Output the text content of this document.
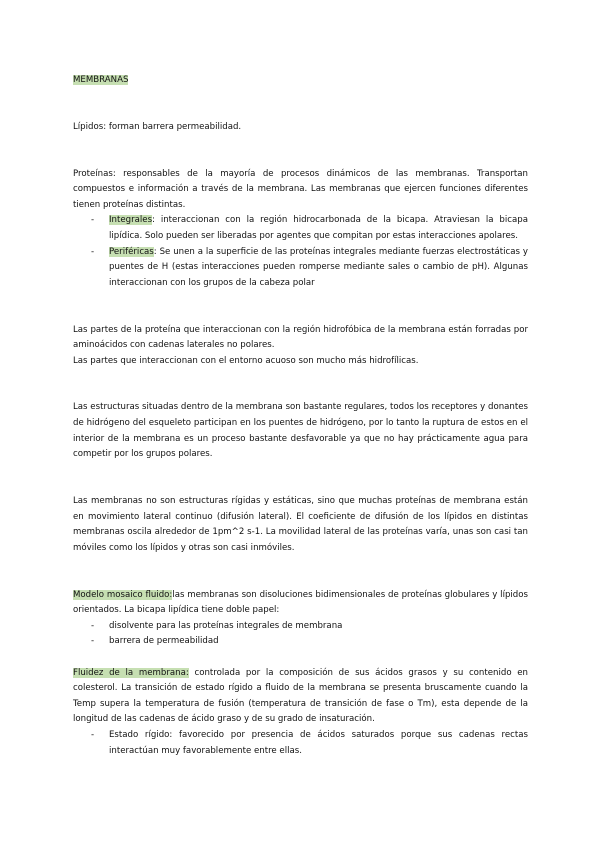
MEMBRANAS

Lípidos: forman barrera permeabilidad.

Proteínas: responsables de la mayoría de procesos dinámicos de las membranas. Transportan compuestos e información a través de la membrana. Las membranas que ejercen funciones diferentes tienen proteínas distintas.

- Integrales: interaccionan con la región hidrocarbonada de la bicapa. Atraviesan la bicapa lipídica. Solo pueden ser liberadas por agentes que compitan por estas interacciones apolares.
- Periféricas: Se unen a la superficie de las proteínas integrales mediante fuerzas electrostáticas y puentes de H (estas interacciones pueden romperse mediante sales o cambio de pH). Algunas interaccionan con los grupos de la cabeza polar

Las partes de la proteína que interaccionan con la región hidrofóbica de la membrana están forradas por aminoácidos con cadenas laterales no polares.

Las partes que interaccionan con el entorno acuoso son mucho más hidrofílicas.

Las estructuras situadas dentro de la membrana son bastante regulares, todos los receptores y donantes de hidrógeno del esqueleto participan en los puentes de hidrógeno, por lo tanto la ruptura de estos en el interior de la membrana es un proceso bastante desfavorable ya que no hay prácticamente agua para competir por los grupos polares.

Las membranas no son estructuras rígidas y estáticas, sino que muchas proteínas de membrana están en movimiento lateral continuo (difusión lateral). El coeficiente de difusión de los lípidos en distintas membranas oscila alrededor de 1pm^2 s-1. La movilidad lateral de las proteínas varía, unas son casi tan móviles como los lípidos y otras son casi inmóviles.

Modelo mosaico fluido:las membranas son disoluciones bidimensionales de proteínas globulares y lípidos orientados. La bicapa lipídica tiene doble papel:

- disolvente para las proteínas integrales de membrana
- barrera de permeabilidad

Fluidez de la membrana: controlada por la composición de sus ácidos grasos y su contenido en colesterol. La transición de estado rígido a fluido de la membrana se presenta bruscamente cuando la Temp supera la temperatura de fusión (temperatura de transición de fase o Tm), esta depende de la longitud de las cadenas de ácido graso y de su grado de insaturación.

- Estado rígido: favorecido por presencia de ácidos saturados porque sus cadenas rectas interactúan muy favorablemente entre ellas.
